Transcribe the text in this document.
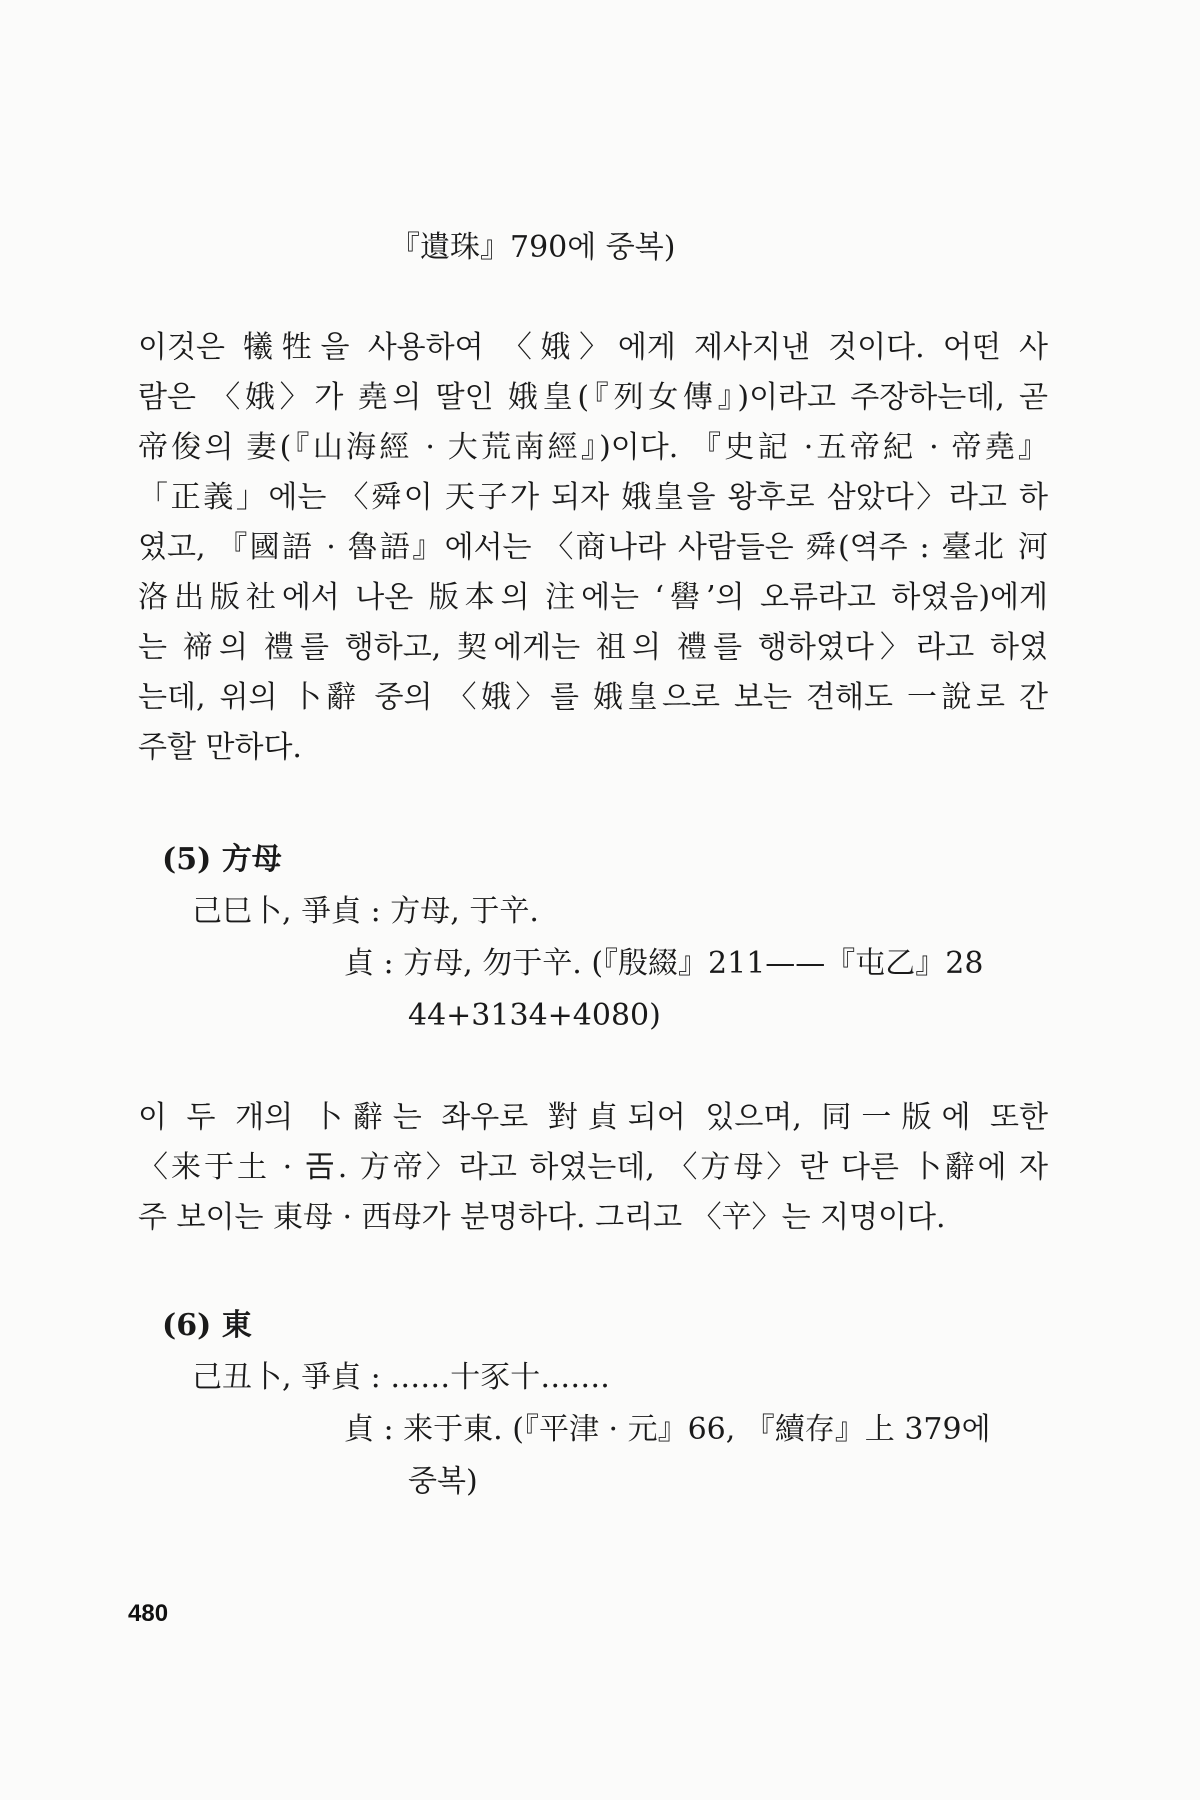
『遺珠』790에 중복)
이것은 犧牲을 사용하여 〈娥〉에게 제사지낸 것이다. 어떤 사
람은 〈娥〉가 堯의 딸인 娥皇(『列女傳』)이라고 주장하는데, 곧
帝俊의 妻(『山海經 · 大荒南經』)이다. 『史記 ·五帝紀 · 帝堯』
「正義」에는 〈舜이 天子가 되자 娥皇을 왕후로 삼았다〉라고 하
였고, 『國語 · 魯語』에서는 〈商나라 사람들은 舜(역주 : 臺北 河
洛出版社에서 나온 版本의 注에는 ‘嚳’의 오류라고 하였음)에게
는 禘의 禮를 행하고, 契에게는 祖의 禮를 행하였다〉라고 하였
는데, 위의 卜辭 중의 〈娥〉를 娥皇으로 보는 견해도 一說로 간
주할 만하다.
(5) 方母
己巳卜, 爭貞 : 方母, 于䇂.
貞 : 方母, 勿于䇂. (『殷綴』211——『屯乙』28
44+3134+4080)
이 두 개의 卜辭는 좌우로 對貞되어 있으며, 同一版에 또한
〈来于土 · 𢀛. 方帝〉라고 하였는데, 〈方母〉란 다른 卜辭에 자
주 보이는 東母 · 西母가 분명하다. 그리고 〈䇂〉는 지명이다.
(6) 東
己丑卜, 爭貞 : ……十豕十…….
貞 : 来于東. (『平津 · 元』66, 『續存』上 379에
중복)
480
